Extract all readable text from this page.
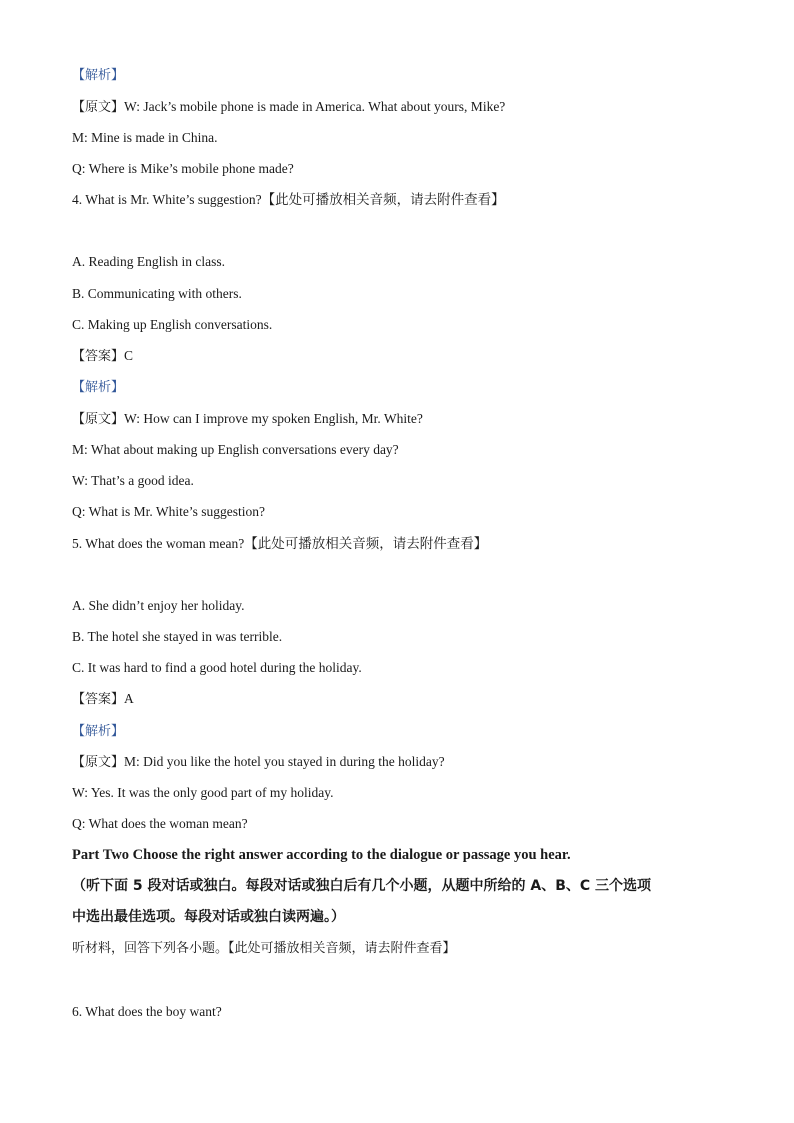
【解析】
【原文】W: Jack’s mobile phone is made in America. What about yours, Mike?
M: Mine is made in China.
Q: Where is Mike’s mobile phone made?
4. What is Mr. White’s suggestion?【此处可播放相关音频，请去附件查看】
A. Reading English in class.
B. Communicating with others.
C. Making up English conversations.
【答案】C
【解析】
【原文】W: How can I improve my spoken English, Mr. White?
M: What about making up English conversations every day?
W: That’s a good idea.
Q: What is Mr. White’s suggestion?
5. What does the woman mean?【此处可播放相关音频，请去附件查看】
A. She didn’t enjoy her holiday.
B. The hotel she stayed in was terrible.
C. It was hard to find a good hotel during the holiday.
【答案】A
【解析】
【原文】M: Did you like the hotel you stayed in during the holiday?
W: Yes. It was the only good part of my holiday.
Q: What does the woman mean?
Part Two Choose the right answer according to the dialogue or passage you hear.
（听下面 5 段对话或独白。每段对话或独白后有几个小题，从题中所给的 A、B、C 三个选项
中选出最佳选项。每段对话或独白读两遍。）
听材料，回答下列各小题。【此处可播放相关音频，请去附件查看】
6. What does the boy want?
